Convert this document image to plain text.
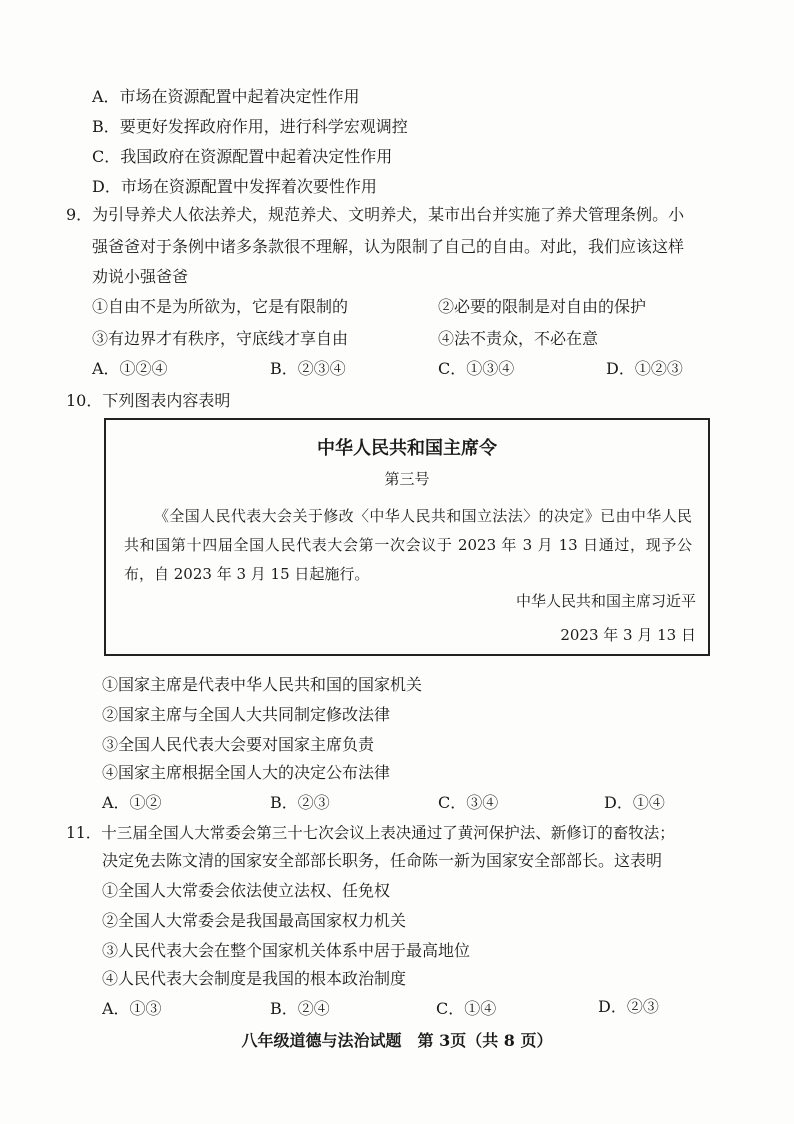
A．市场在资源配置中起着决定性作用
B．要更好发挥政府作用，进行科学宏观调控
C．我国政府在资源配置中起着决定性作用
D．市场在资源配置中发挥着次要性作用
9．为引导养犬人依法养犬，规范养犬、文明养犬，某市出台并实施了养犬管理条例。小
强爸爸对于条例中诸多条款很不理解，认为限制了自己的自由。对此，我们应该这样
劝说小强爸爸
①自由不是为所欲为，它是有限制的	②必要的限制是对自由的保护
③有边界才有秩序，守底线才享自由	④法不责众，不必在意
A．①②④	B．②③④	C．①③④	D．①②③
10．下列图表内容表明
中华人民共和国主席令
第三号
《全国人民代表大会关于修改〈中华人民共和国立法法〉的决定》已由中华人民共和国第十四届全国人民代表大会第一次会议于 2023 年 3 月 13 日通过，现予公布，自 2023 年 3 月 15 日起施行。
中华人民共和国主席习近平
2023 年 3 月 13 日
①国家主席是代表中华人民共和国的国家机关
②国家主席与全国人大共同制定修改法律
③全国人民代表大会要对国家主席负责
④国家主席根据全国人大的决定公布法律
A．①②	B．②③	C．③④	D．①④
11．十三届全国人大常委会第三十七次会议上表决通过了黄河保护法、新修订的畜牧法；
决定免去陈文清的国家安全部部长职务，任命陈一新为国家安全部部长。这表明
①全国人大常委会依法使立法权、任免权
②全国人大常委会是我国最高国家权力机关
③人民代表大会在整个国家机关体系中居于最高地位
④人民代表大会制度是我国的根本政治制度
A．①③	B．②④	C．①④	D．②③
八年级道德与法治试题　第 3页（共 8 页）
